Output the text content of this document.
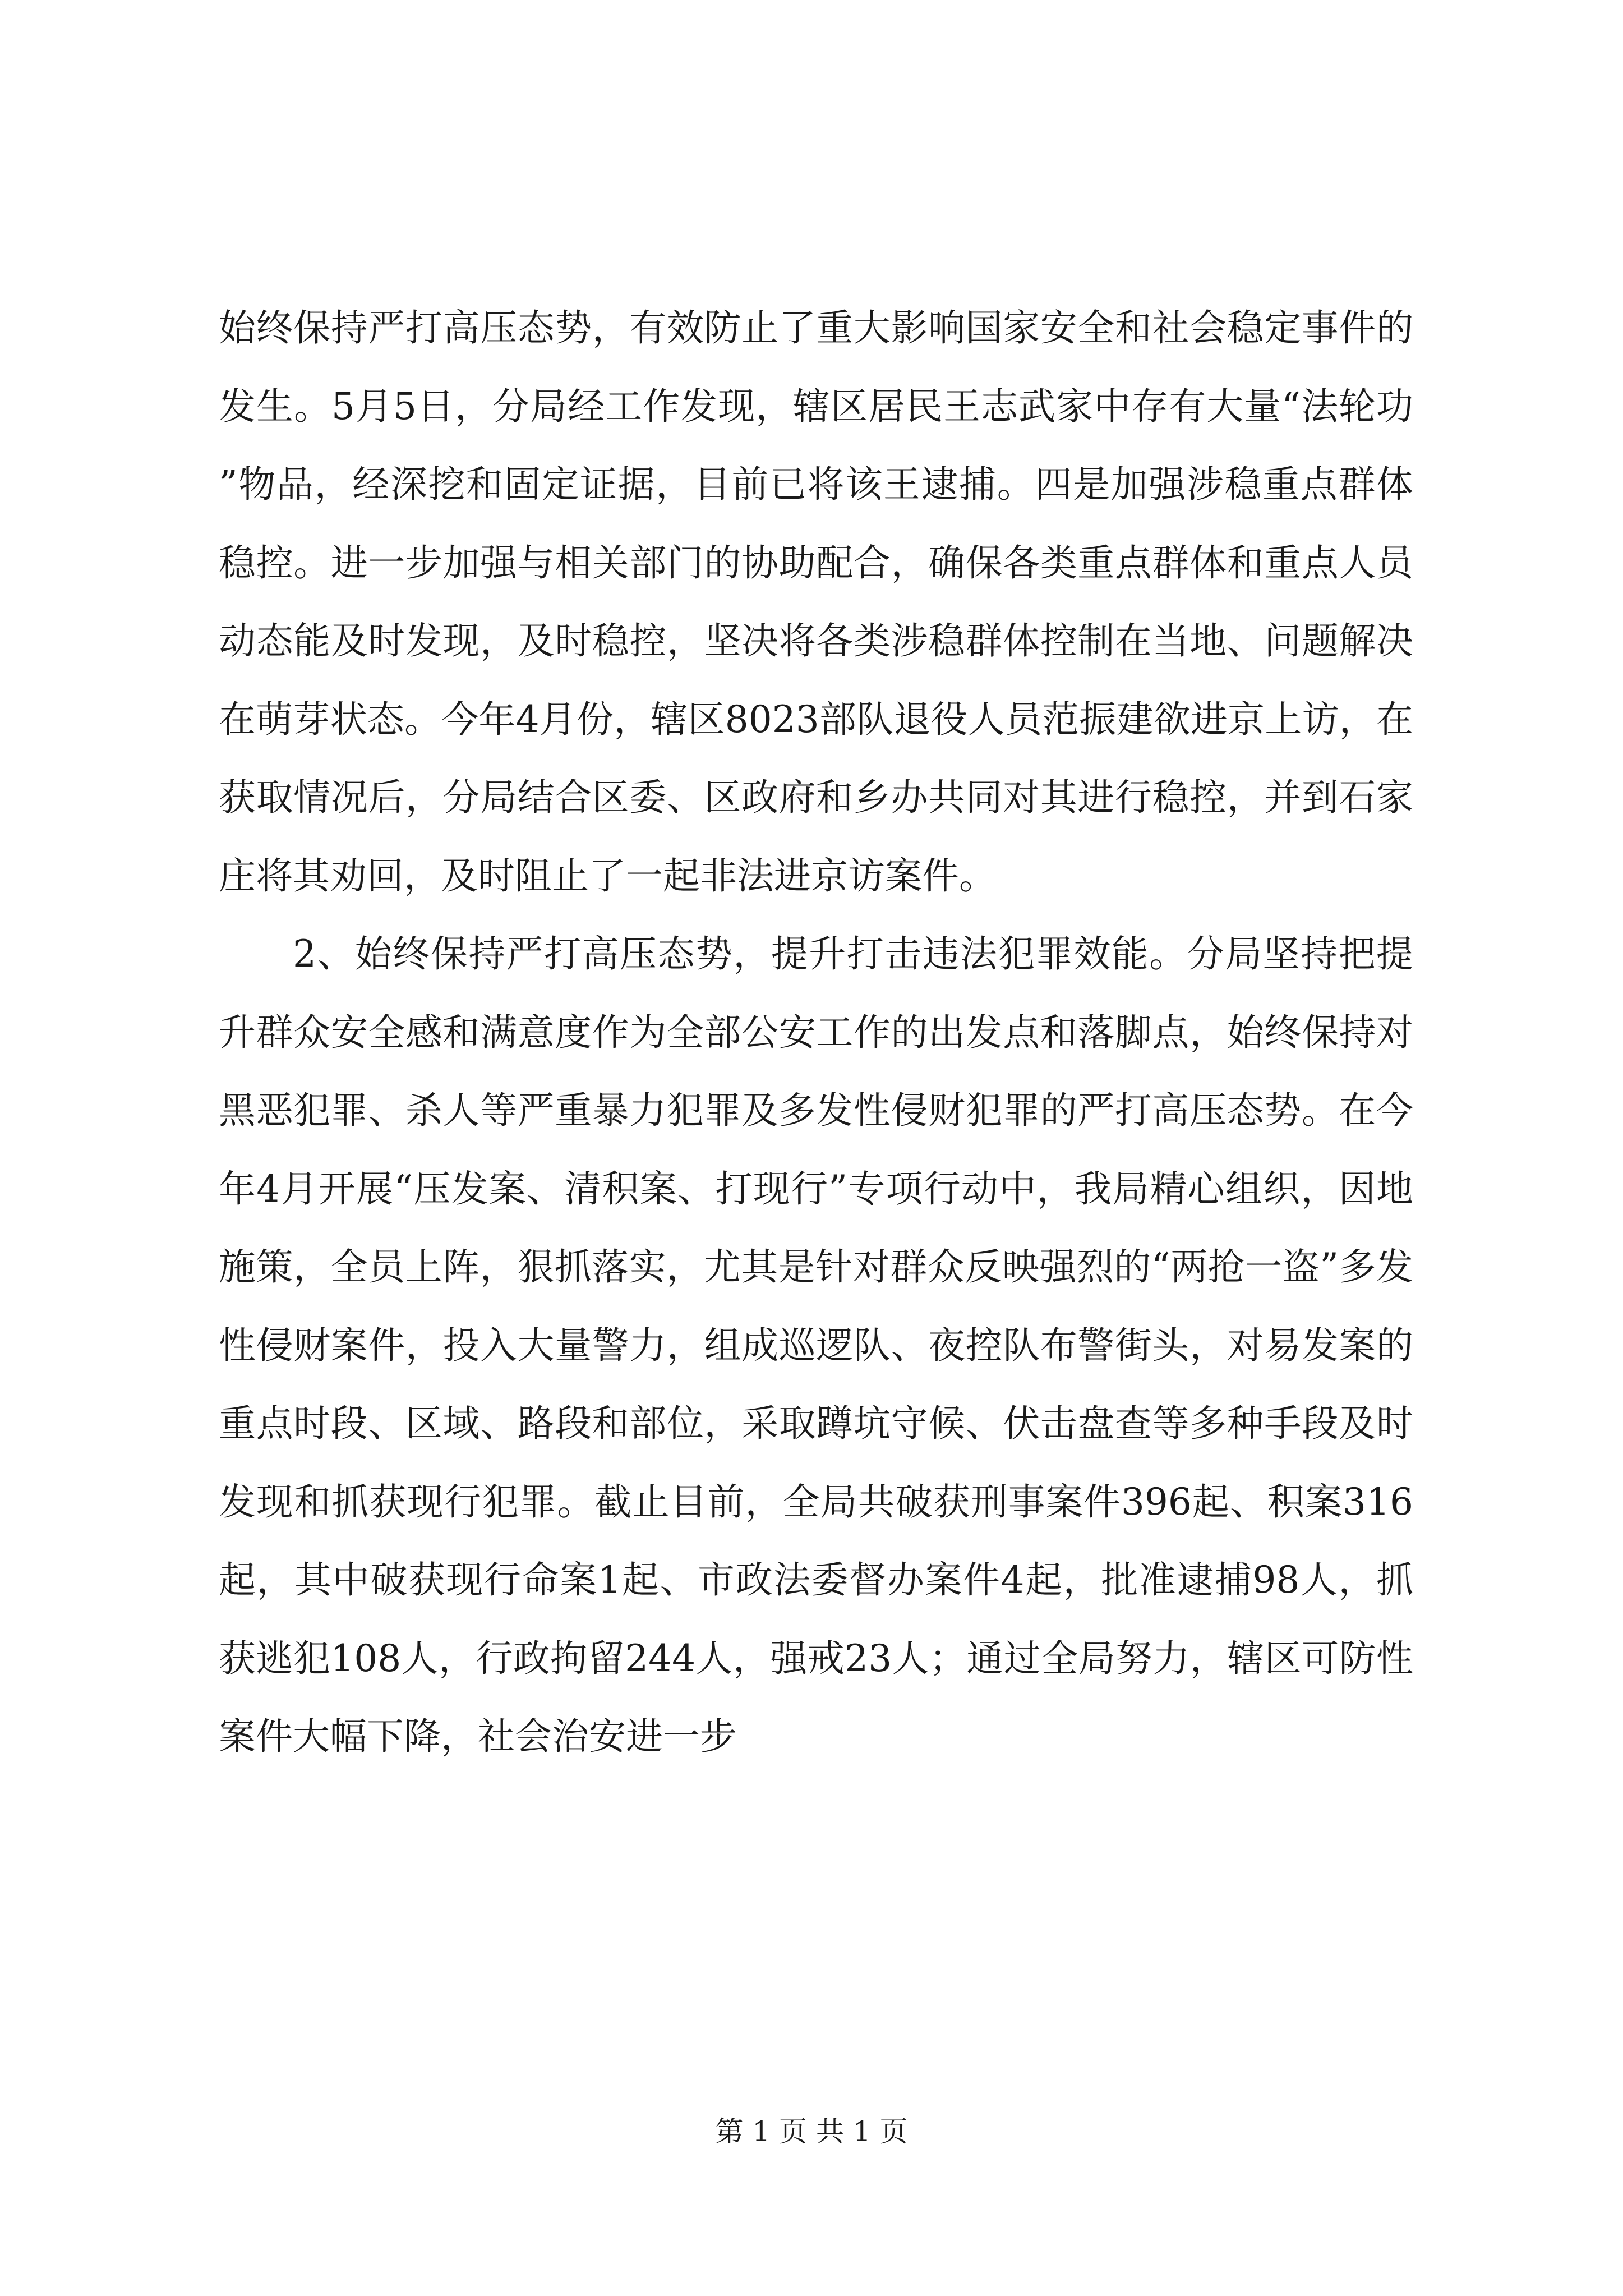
始终保持严打高压态势，有效防止了重大影响国家安全和社会稳定事件的发生。5月5日，分局经工作发现，辖区居民王志武家中存有大量“法轮功”物品，经深挖和固定证据，目前已将该王逮捕。四是加强涉稳重点群体稳控。进一步加强与相关部门的协助配合，确保各类重点群体和重点人员动态能及时发现，及时稳控，坚决将各类涉稳群体控制在当地、问题解决在萌芽状态。今年4月份，辖区8023部队退役人员范振建欲进京上访，在获取情况后，分局结合区委、区政府和乡办共同对其进行稳控，并到石家庄将其劝回，及时阻止了一起非法进京访案件。

2、始终保持严打高压态势，提升打击违法犯罪效能。分局坚持把提升群众安全感和满意度作为全部公安工作的出发点和落脚点，始终保持对黑恶犯罪、杀人等严重暴力犯罪及多发性侵财犯罪的严打高压态势。在今年4月开展“压发案、清积案、打现行”专项行动中，我局精心组织，因地施策，全员上阵，狠抓落实，尤其是针对群众反映强烈的“两抢一盗”多发性侵财案件，投入大量警力，组成巡逻队、夜控队布警街头，对易发案的重点时段、区域、路段和部位，采取蹲坑守候、伏击盘查等多种手段及时发现和抓获现行犯罪。截止目前，全局共破获刑事案件396起、积案316起，其中破获现行命案1起、市政法委督办案件4起，批准逮捕98人，抓获逃犯108人，行政拘留244人，强戒23人；通过全局努力，辖区可防性案件大幅下降，社会治安进一步

第 1 页 共 1 页
